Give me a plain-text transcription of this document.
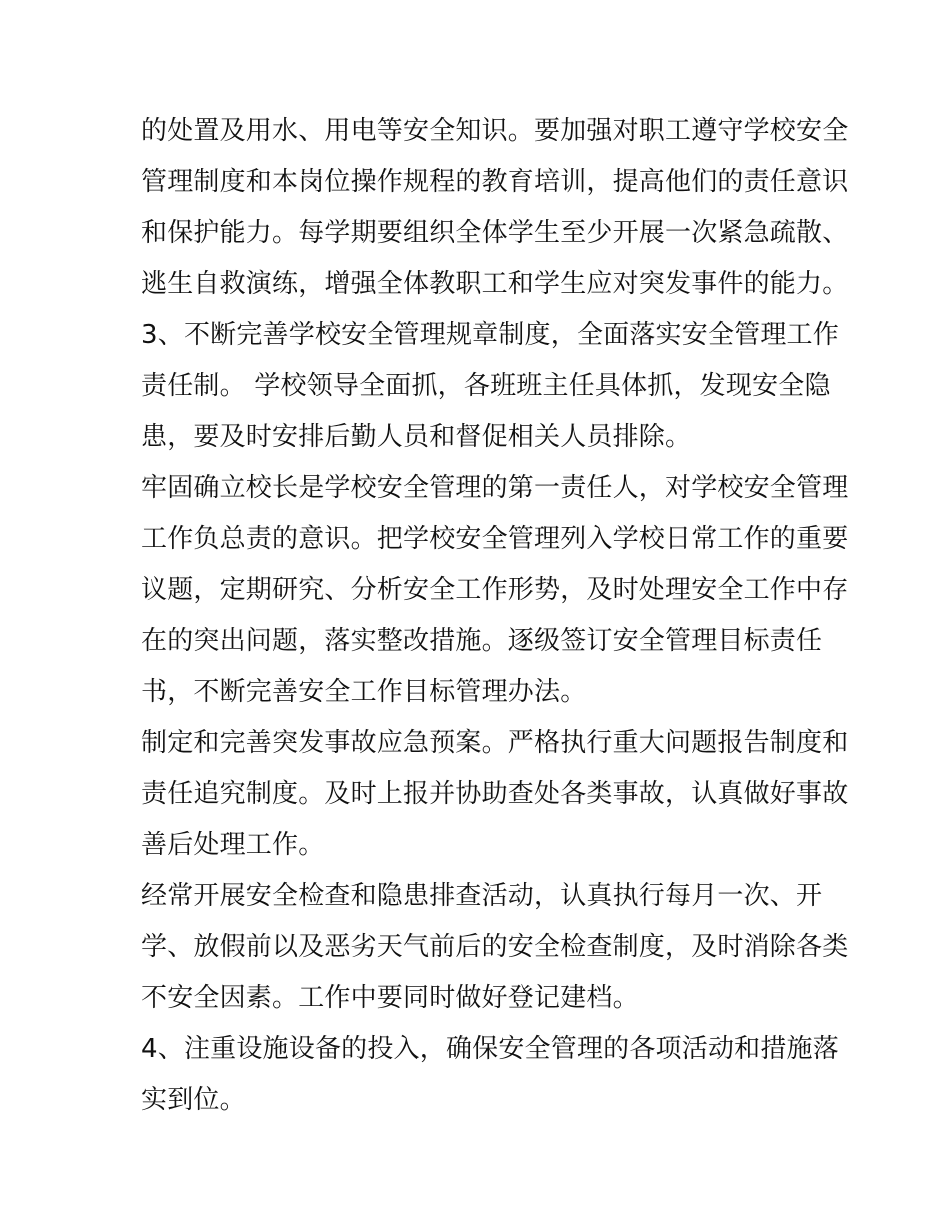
的处置及用水、用电等安全知识。要加强对职工遵守学校安全
管理制度和本岗位操作规程的教育培训，提高他们的责任意识
和保护能力。每学期要组织全体学生至少开展一次紧急疏散、
逃生自救演练，增强全体教职工和学生应对突发事件的能力。
3、不断完善学校安全管理规章制度，全面落实安全管理工作
责任制。 学校领导全面抓，各班班主任具体抓，发现安全隐
患，要及时安排后勤人员和督促相关人员排除。
牢固确立校长是学校安全管理的第一责任人，对学校安全管理
工作负总责的意识。把学校安全管理列入学校日常工作的重要
议题，定期研究、分析安全工作形势，及时处理安全工作中存
在的突出问题，落实整改措施。逐级签订安全管理目标责任
书，不断完善安全工作目标管理办法。
制定和完善突发事故应急预案。严格执行重大问题报告制度和
责任追究制度。及时上报并协助查处各类事故，认真做好事故
善后处理工作。
经常开展安全检查和隐患排查活动，认真执行每月一次、开
学、放假前以及恶劣天气前后的安全检查制度，及时消除各类
不安全因素。工作中要同时做好登记建档。
4、注重设施设备的投入，确保安全管理的各项活动和措施落
实到位。
